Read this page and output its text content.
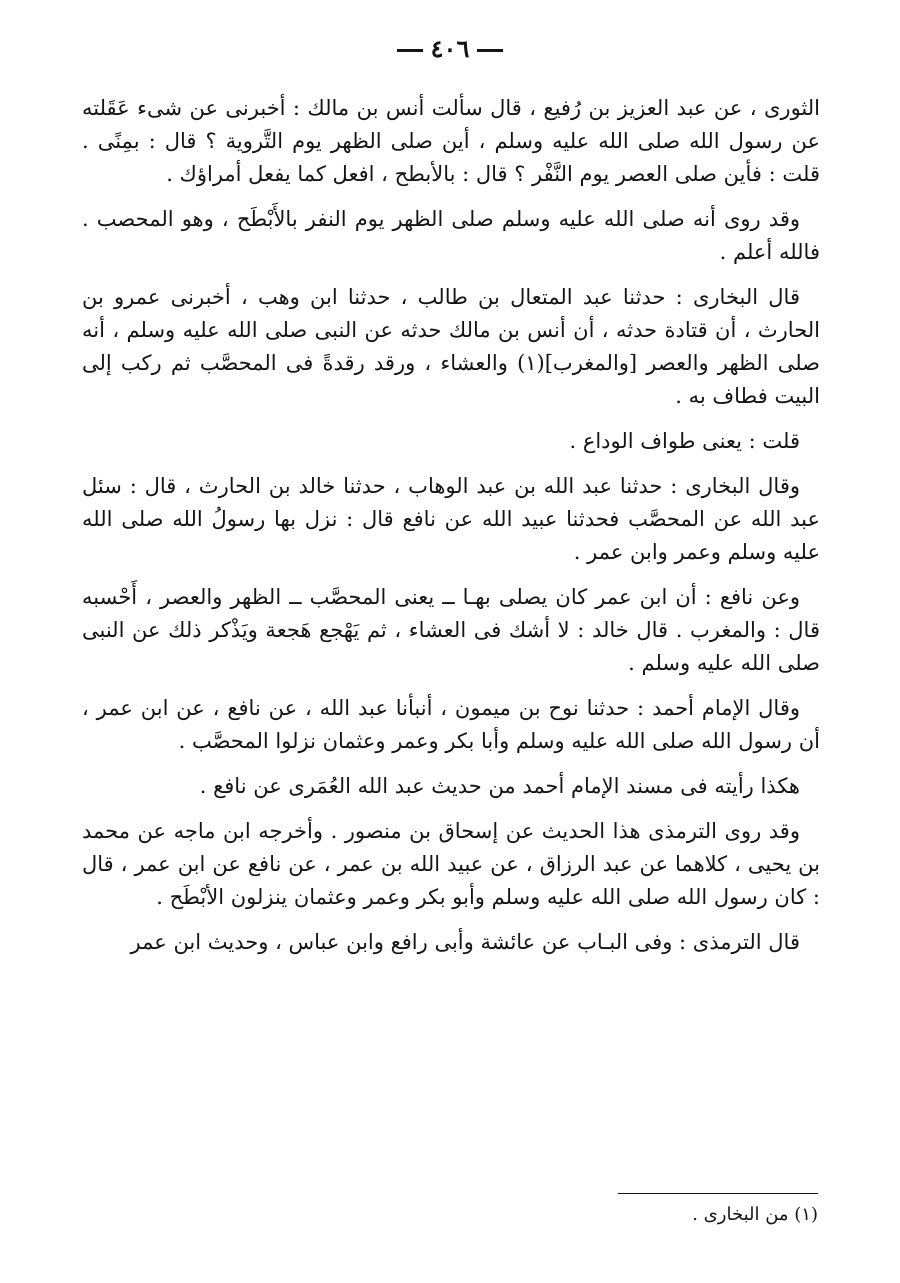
٤٠٦

الثورى ، عن عبد العزيز بن رُفيع ، قال سألت أنس بن مالك : أخبرنى عن شىء عَقَلته عن رسول الله صلى الله عليه وسلم ، أين صلى الظهر يوم التَّروية ؟ قال : بمِنًى . قلت : فأين صلى العصر يوم النَّفْر ؟ قال : بالأبطح ، افعل كما يفعل أمراؤك .

وقد روى أنه صلى الله عليه وسلم صلى الظهر يوم النفر بالأَبْطَح ، وهو المحصب . فالله أعلم .

قال البخارى : حدثنا عبد المتعال بن طالب ، حدثنا ابن وهب ، أخبرنى عمرو بن الحارث ، أن قتادة حدثه ، أن أنس بن مالك حدثه عن النبى صلى الله عليه وسلم ، أنه صلى الظهر والعصر [والمغرب](١) والعشاء ، ورقد رقدةً فى المحصَّب ثم ركب إلى البيت فطاف به .

قلت : يعنى طواف الوداع .

وقال البخارى : حدثنا عبد الله بن عبد الوهاب ، حدثنا خالد بن الحارث ، قال : سئل عبد الله عن المحصَّب فحدثنا عبيد الله عن نافع قال : نزل بها رسولُ الله صلى الله عليه وسلم وعمر وابن عمر .

وعن نافع : أن ابن عمر كان يصلى بهـا ــ يعنى المحصَّب ــ الظهر والعصر ، أَحْسبه قال : والمغرب . قال خالد : لا أشك فى العشاء ، ثم يَهْجع هَجعة ويَذْكر ذلك عن النبى صلى الله عليه وسلم .

وقال الإمام أحمد : حدثنا نوح بن ميمون ، أنبأنا عبد الله ، عن نافع ، عن ابن عمر ، أن رسول الله صلى الله عليه وسلم وأبا بكر وعمر وعثمان نزلوا المحصَّب .

هكذا رأيته فى مسند الإمام أحمد من حديث عبد الله العُمَرى عن نافع .

وقد روى الترمذى هذا الحديث عن إسحاق بن منصور . وأخرجه ابن ماجه عن محمد بن يحيى ، كلاهما عن عبد الرزاق ، عن عبيد الله بن عمر ، عن نافع عن ابن عمر ، قال : كان رسول الله صلى الله عليه وسلم وأبو بكر وعمر وعثمان ينزلون الأبْطَح .

قال الترمذى : وفى البـاب عن عائشة وأبى رافع وابن عباس ، وحديث ابن عمر

(١) من البخارى .
